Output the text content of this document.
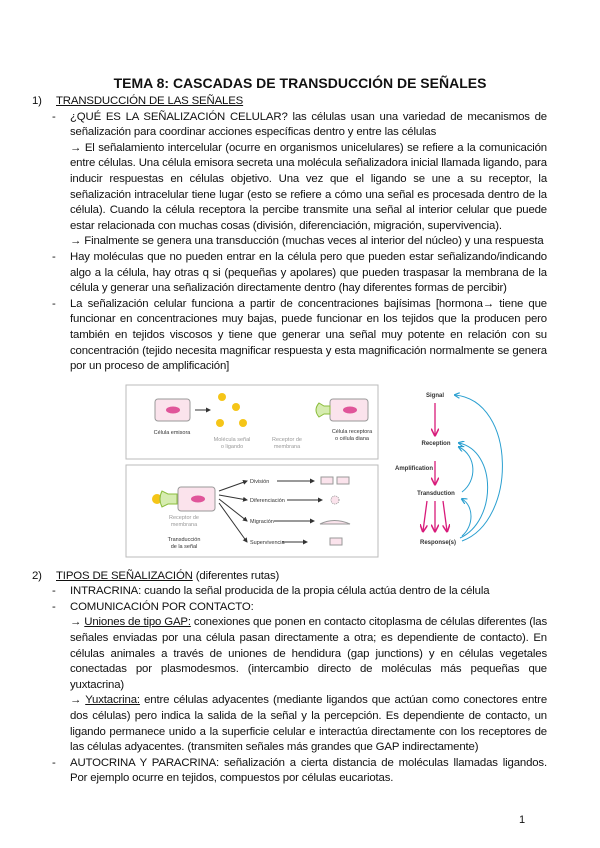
TEMA 8: CASCADAS DE TRANSDUCCIÓN DE SEÑALES
1) TRANSDUCCIÓN DE LAS SEÑALES
- ¿QUÉ ES LA SEÑALIZACIÓN CELULAR? las células usan una variedad de mecanismos de señalización para coordinar acciones específicas dentro y entre las células

→ El señalamiento intercelular (ocurre en organismos unicelulares) se refiere a la comunicación entre células. Una célula emisora secreta una molécula señalizadora inicial llamada ligando, para inducir respuestas en células objetivo. Una vez que el ligando se une a su receptor, la señalización intracelular tiene lugar (esto se refiere a cómo una señal es procesada dentro de la célula). Cuando la célula receptora la percibe transmite una señal al interior celular que puede estar relacionada con muchas cosas (división, diferenciación, migración, supervivencia).

→ Finalmente se genera una transducción (muchas veces al interior del núcleo) y una respuesta

- Hay moléculas que no pueden entrar en la célula pero que pueden estar señalizando/indicando algo a la célula, hay otras q si (pequeñas y apolares) que pueden traspasar la membrana de la célula y generar una señalización directamente dentro (hay diferentes formas de percibir)

- La señalización celular funciona a partir de concentraciones bajísimas [hormona→ tiene que funcionar en concentraciones muy bajas, puede funcionar en los tejidos que la producen pero también en tejidos viscosos y tiene que generar una señal muy potente en relación con su concentración (tejido necesita magnificar respuesta y esta magnificación normalmente se genera por un proceso de amplificación]

Célula emisora
Molécula señal
o ligando
Receptor de
membrana
Célula receptora
o célula diana
Receptor de
membrana
Transducción
de la señal
División
Diferenciación
Migración
Supervivencia
Signal
Reception
Amplification
Transduction
Response(s)
2) TIPOS DE SEÑALIZACIÓN (diferentes rutas)
- INTRACRINA: cuando la señal producida de la propia célula actúa dentro de la célula

- COMUNICACIÓN POR CONTACTO:

→ Uniones de tipo GAP: conexiones que ponen en contacto citoplasma de células diferentes (las señales enviadas por una célula pasan directamente a otra; es dependiente de contacto). En células animales a través de uniones de hendidura (gap junctions) y en células vegetales conectadas por plasmodesmos. (intercambio directo de moléculas más pequeñas que yuxtacrina)

→ Yuxtacrina: entre células adyacentes (mediante ligandos que actúan como conectores entre dos células) pero indica la salida de la señal y la percepción. Es dependiente de contacto, un ligando permanece unido a la superficie celular e interactúa directamente con los receptores de las células adyacentes. (transmiten señales más grandes que GAP indirectamente)

- AUTOCRINA Y PARACRINA: señalización a cierta distancia de moléculas llamadas ligandos. Por ejemplo ocurre en tejidos, compuestos por células eucariotas.

1
